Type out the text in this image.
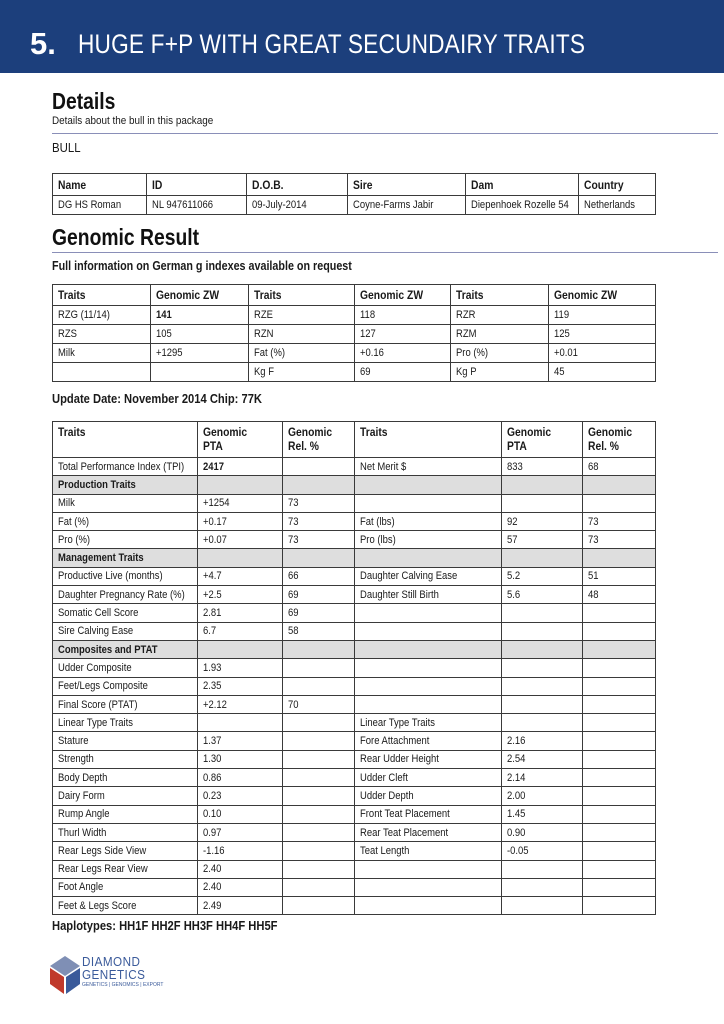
5. HUGE F+P WITH GREAT SECUNDAIRY TRAITS
Details
Details about the bull in this package
BULL
Name	ID	D.O.B.	Sire	Dam	Country
DG HS Roman	NL 947611066	09-July-2014	Coyne-Farms Jabir	Diepenhoek Rozelle 54	Netherlands
Genomic Result
Full information on German g indexes available on request
Traits	Genomic ZW	Traits	Genomic ZW	Traits	Genomic ZW
RZG (11/14)	141	RZE	118	RZR	119
RZS	105	RZN	127	RZM	125
Milk	+1295	Fat (%)	+0.16	Pro (%)	+0.01
		Kg F	69	Kg P	45
Update Date: November 2014 Chip: 77K
Traits	Genomic PTA	Genomic Rel. %	Traits	Genomic PTA	Genomic Rel. %
Total Performance Index (TPI)	2417		Net Merit $	833	68
Production Traits					
Milk	+1254	73			
Fat (%)	+0.17	73	Fat (lbs)	92	73
Pro (%)	+0.07	73	Pro (lbs)	57	73
Management Traits					
Productive Live (months)	+4.7	66	Daughter Calving Ease	5.2	51
Daughter Pregnancy Rate (%)	+2.5	69	Daughter Still Birth	5.6	48
Somatic Cell Score	2.81	69			
Sire Calving Ease	6.7	58			
Composites and PTAT					
Udder Composite	1.93				
Feet/Legs Composite	2.35				
Final Score (PTAT)	+2.12	70			
Linear Type Traits			Linear Type Traits		
Stature	1.37		Fore Attachment	2.16	
Strength	1.30		Rear Udder Height	2.54	
Body Depth	0.86		Udder Cleft	2.14	
Dairy Form	0.23		Udder Depth	2.00	
Rump Angle	0.10		Front Teat Placement	1.45	
Thurl Width	0.97		Rear Teat Placement	0.90	
Rear Legs Side View	-1.16		Teat Length	-0.05	
Rear Legs Rear View	2.40				
Foot Angle	2.40				
Feet & Legs Score	2.49				
Haplotypes: HH1F HH2F HH3F HH4F HH5F
DIAMOND
GENETICS
GENETICS | GENOMICS | EXPORT
